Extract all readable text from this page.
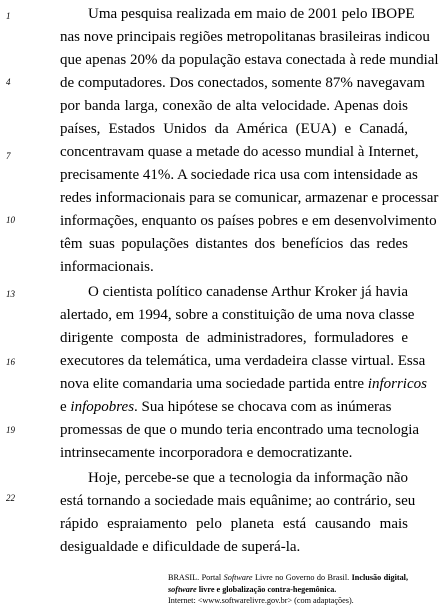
1
4
7
10
13
16
19
22
Uma pesquisa realizada em maio de 2001 pelo IBOPE
nas nove principais regiões metropolitanas brasileiras indicou
que apenas 20% da população estava conectada à rede mundial
de computadores. Dos conectados, somente 87% navegavam
por banda larga, conexão de alta velocidade. Apenas dois
países, Estados Unidos da América (EUA) e Canadá,
concentravam quase a metade do acesso mundial à Internet,
precisamente 41%. A sociedade rica usa com intensidade as
redes informacionais para se comunicar, armazenar e processar
informações, enquanto os países pobres e em desenvolvimento
têm suas populações distantes dos benefícios das redes
informacionais.
O cientista político canadense Arthur Kroker já havia
alertado, em 1994, sobre a constituição de uma nova classe
dirigente composta de administradores, formuladores e
executores da telemática, uma verdadeira classe virtual. Essa
nova elite comandaria uma sociedade partida entre inforricos
e infopobres. Sua hipótese se chocava com as inúmeras
promessas de que o mundo teria encontrado uma tecnologia
intrinsecamente incorporadora e democratizante.
Hoje, percebe-se que a tecnologia da informação não
está tornando a sociedade mais equânime; ao contrário, seu
rápido espraiamento pelo planeta está causando mais
desigualdade e dificuldade de superá-la.
BRASIL. Portal Software Livre no Governo do Brasil. Inclusão digital, software livre e globalização contra-hegemônica.
Internet: <www.softwarelivre.gov.br> (com adaptações).
